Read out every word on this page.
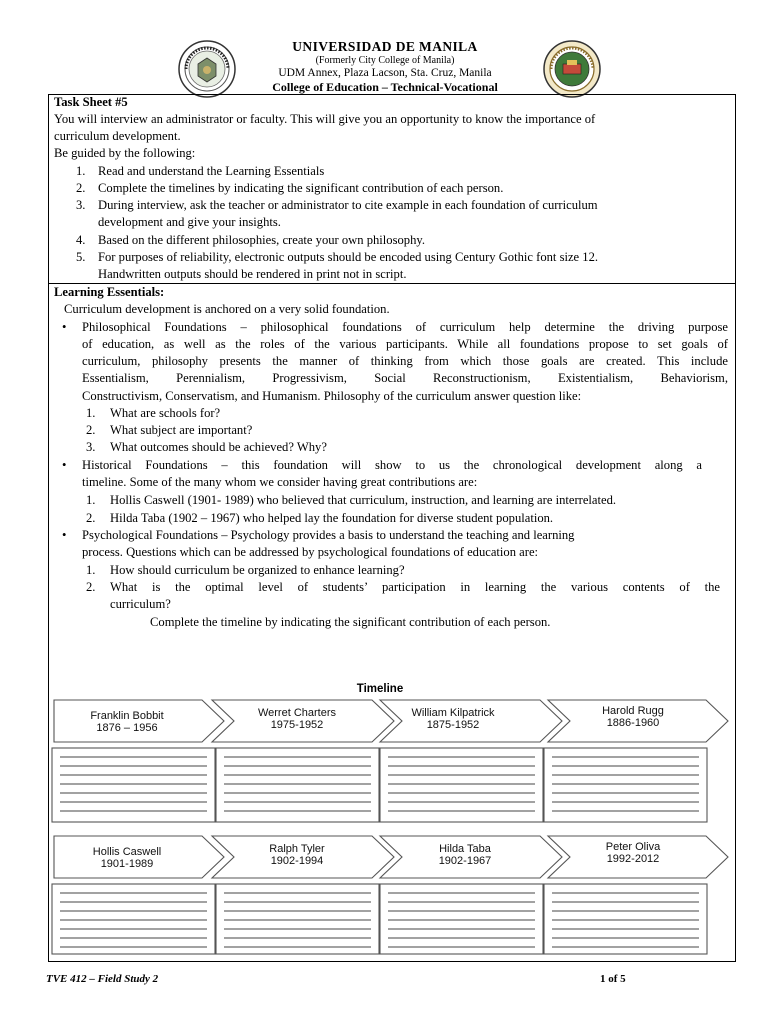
UNIVERSIDAD DE MANILA
(Formerly City College of Manila)
UDM Annex, Plaza Lacson, Sta. Cruz, Manila
College of Education – Technical-Vocational
Task Sheet #5
You will interview an administrator or faculty. This will give you an opportunity to know the importance of
curriculum development.
Be guided by the following:
1. Read and understand the Learning Essentials
2. Complete the timelines by indicating the significant contribution of each person.
3. During interview, ask the teacher or administrator to cite example in each foundation of curriculum
development and give your insights.
4. Based on the different philosophies, create your own philosophy.
5. For purposes of reliability, electronic outputs should be encoded using Century Gothic font size 12.
Handwritten outputs should be rendered in print not in script.
Learning Essentials:
Curriculum development is anchored on a very solid foundation.
• Philosophical Foundations – philosophical foundations of curriculum help determine the driving purpose
of education, as well as the roles of the various participants. While all foundations propose to set goals of
curriculum, philosophy presents the manner of thinking from which those goals are created. This include
Essentialism, Perennialism, Progressivism, Social Reconstructionism, Existentialism, Behaviorism,
Constructivism, Conservatism, and Humanism. Philosophy of the curriculum answer question like:
1. What are schools for?
2. What subject are important?
3. What outcomes should be achieved? Why?
• Historical Foundations – this foundation will show to us the chronological development along a
timeline. Some of the many whom we consider having great contributions are:
1. Hollis Caswell (1901- 1989) who believed that curriculum, instruction, and learning are interrelated.
2. Hilda Taba (1902 – 1967) who helped lay the foundation for diverse student population.
• Psychological Foundations – Psychology provides a basis to understand the teaching and learning
process. Questions which can be addressed by psychological foundations of education are:
1. How should curriculum be organized to enhance learning?
2. What is the optimal level of students’ participation in learning the various contents of the
curriculum?
Complete the timeline by indicating the significant contribution of each person.
Timeline
Franklin Bobbit
1876 – 1956
Werret Charters
1975-1952
William Kilpatrick
1875-1952
Harold Rugg
1886-1960
Hollis Caswell
1901-1989
Ralph Tyler
1902-1994
Hilda Taba
1902-1967
Peter Oliva
1992-2012
TVE 412 – Field Study 2	1 of 5
